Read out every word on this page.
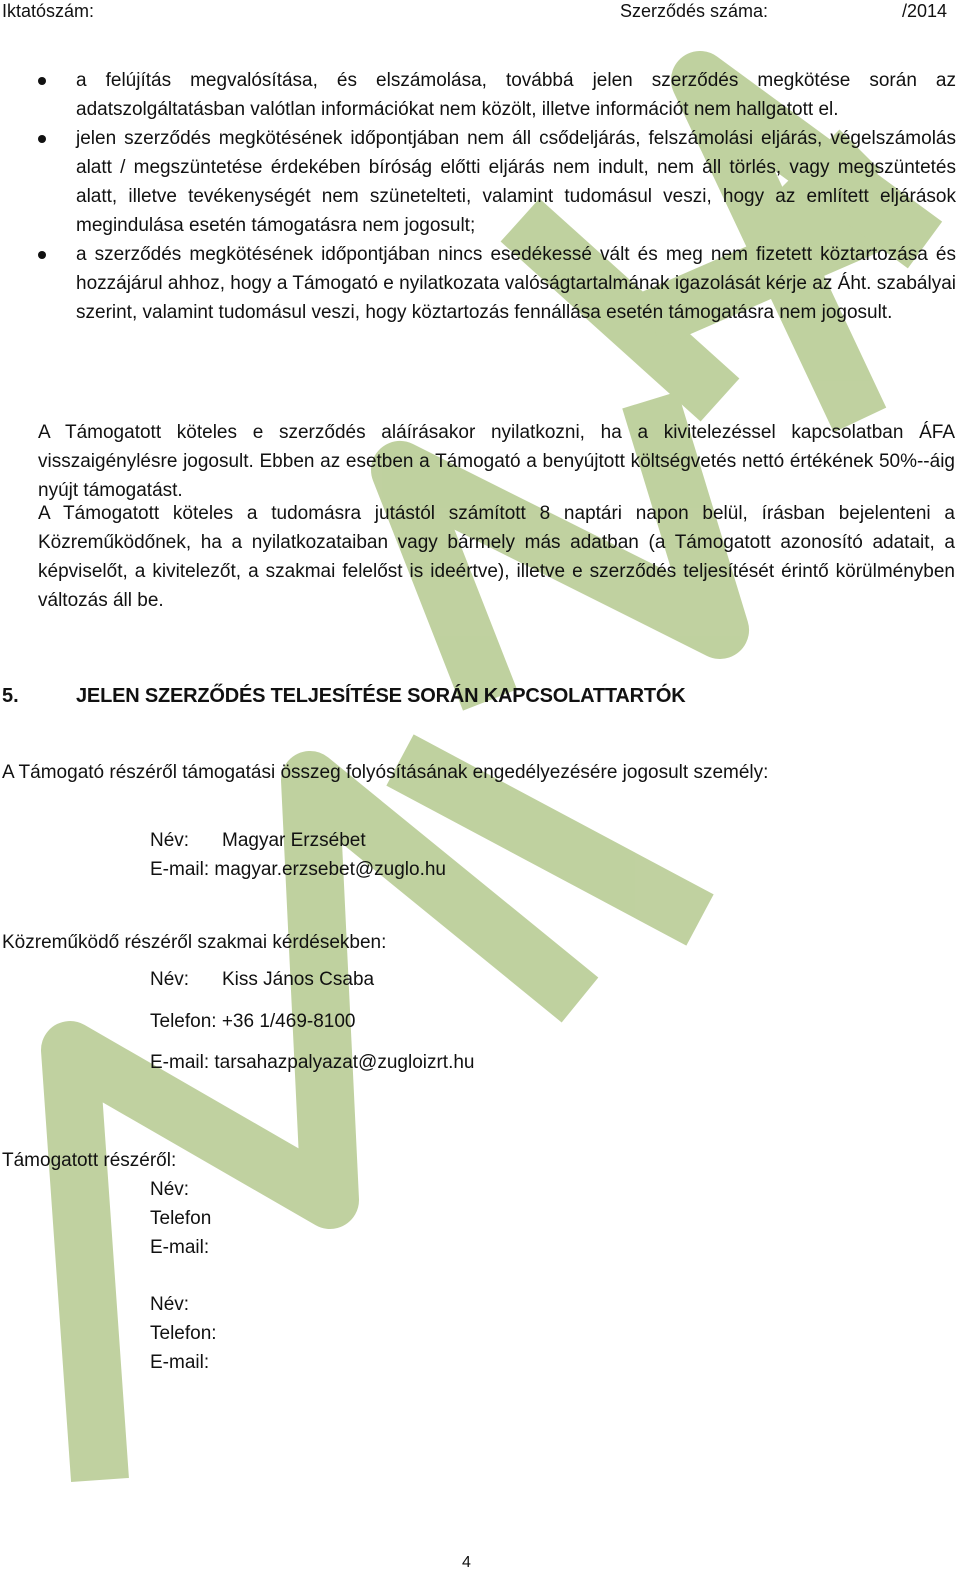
Iktatószám:	Szerződés száma:	/2014
a felújítás megvalósítása, és elszámolása, továbbá jelen szerződés megkötése során az adatszolgáltatásban valótlan információkat nem közölt, illetve információt nem hallgatott el.
jelen szerződés megkötésének időpontjában nem áll csődeljárás, felszámolási eljárás, végelszámolás alatt / megszüntetése érdekében bíróság előtti eljárás nem indult, nem áll törlés, vagy megszüntetés alatt, illetve tevékenységét nem szünetelteti, valamint tudomásul veszi, hogy az említett eljárások megindulása esetén támogatásra nem jogosult;
a szerződés megkötésének időpontjában nincs esedékessé vált és meg nem fizetett köztartozása és hozzájárul ahhoz, hogy a Támogató e nyilatkozata valóságtartalmának igazolását kérje az Áht. szabályai szerint, valamint tudomásul veszi, hogy köztartozás fennállása esetén támogatásra nem jogosult.

A Támogatott köteles e szerződés aláírásakor nyilatkozni, ha a kivitelezéssel kapcsolatban ÁFA visszaigénylésre jogosult. Ebben az esetben a Támogató a benyújtott költségvetés nettó értékének 50%--áig nyújt támogatást.

A Támogatott köteles a tudomásra jutástól számított 8 naptári napon belül, írásban bejelenteni a Közreműködőnek, ha a nyilatkozataiban vagy bármely más adatban (a Támogatott azonosító adatait, a képviselőt, a kivitelezőt, a szakmai felelőst is ideértve), illetve e szerződés teljesítését érintő körülményben változás áll be.

5.	JELEN SZERZŐDÉS TELJESÍTÉSE SORÁN KAPCSOLATTARTÓK

A Támogató részéről támogatási összeg folyósításának engedélyezésére jogosult személy:

Név: Magyar Erzsébet

E-mail: magyar.erzsebet@zuglo.hu

Közreműködő részéről szakmai kérdésekben:

Név: Kiss János Csaba

Telefon: +36 1/469-8100

E-mail: tarsahazpalyazat@zugloizrt.hu

Támogatott részéről:

Név:

Telefon

E-mail:

Név:

Telefon:

E-mail:

4
